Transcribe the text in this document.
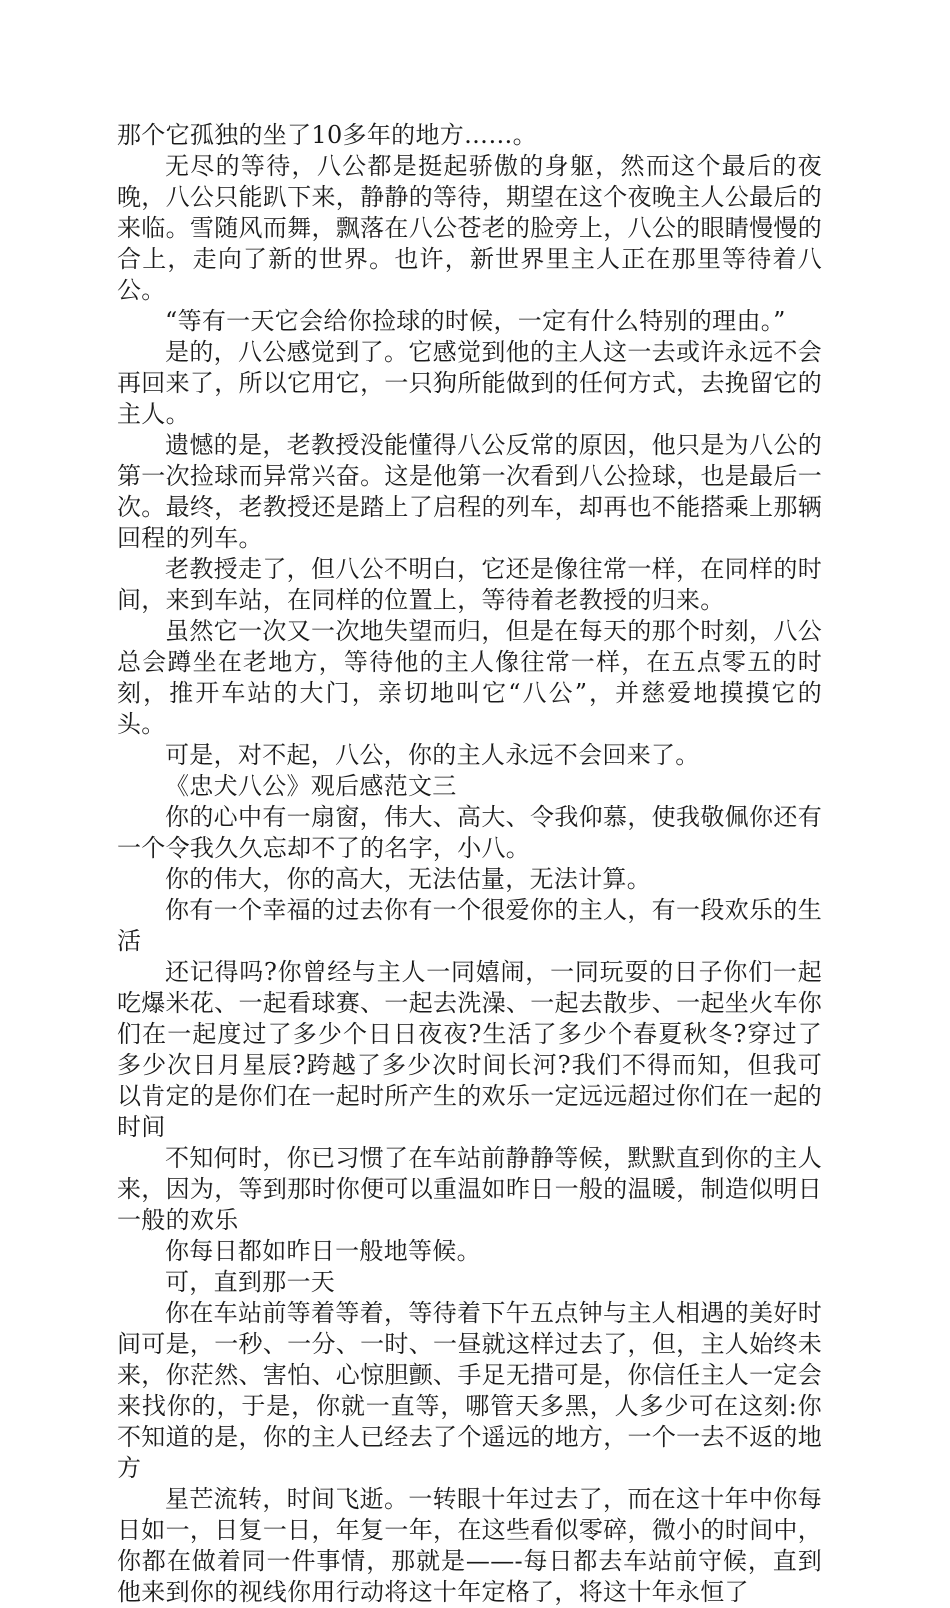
那个它孤独的坐了10多年的地方……。

无尽的等待，八公都是挺起骄傲的身躯，然而这个最后的夜晚，八公只能趴下来，静静的等待，期望在这个夜晚主人公最后的来临。雪随风而舞，飘落在八公苍老的脸旁上，八公的眼睛慢慢的合上，走向了新的世界。也许，新世界里主人正在那里等待着八公。

“等有一天它会给你捡球的时候，一定有什么特别的理由。”

是的，八公感觉到了。它感觉到他的主人这一去或许永远不会再回来了，所以它用它，一只狗所能做到的任何方式，去挽留它的主人。

遗憾的是，老教授没能懂得八公反常的原因，他只是为八公的第一次捡球而异常兴奋。这是他第一次看到八公捡球，也是最后一次。最终，老教授还是踏上了启程的列车，却再也不能搭乘上那辆回程的列车。

老教授走了，但八公不明白，它还是像往常一样，在同样的时间，来到车站，在同样的位置上，等待着老教授的归来。

虽然它一次又一次地失望而归，但是在每天的那个时刻，八公总会蹲坐在老地方，等待他的主人像往常一样，在五点零五的时刻，推开车站的大门，亲切地叫它“八公”，并慈爱地摸摸它的头。

可是，对不起，八公，你的主人永远不会回来了。

《忠犬八公》观后感范文三

你的心中有一扇窗，伟大、高大、令我仰慕，使我敬佩你还有一个令我久久忘却不了的名字，小八。

你的伟大，你的高大，无法估量，无法计算。

你有一个幸福的过去你有一个很爱你的主人，有一段欢乐的生活

还记得吗?你曾经与主人一同嬉闹，一同玩耍的日子你们一起吃爆米花、一起看球赛、一起去洗澡、一起去散步、一起坐火车你们在一起度过了多少个日日夜夜?生活了多少个春夏秋冬?穿过了多少次日月星辰?跨越了多少次时间长河?我们不得而知，但我可以肯定的是你们在一起时所产生的欢乐一定远远超过你们在一起的时间

不知何时，你已习惯了在车站前静静等候，默默直到你的主人来，因为，等到那时你便可以重温如昨日一般的温暖，制造似明日一般的欢乐

你每日都如昨日一般地等候。

可，直到那一天

你在车站前等着等着，等待着下午五点钟与主人相遇的美好时间可是，一秒、一分、一时、一昼就这样过去了，但，主人始终未来，你茫然、害怕、心惊胆颤、手足无措可是，你信任主人一定会来找你的，于是，你就一直等，哪管天多黑，人多少可在这刻:你不知道的是，你的主人已经去了个遥远的地方，一个一去不返的地方

星芒流转，时间飞逝。一转眼十年过去了，而在这十年中你每日如一，日复一日，年复一年，在这些看似零碎，微小的时间中，你都在做着同一件事情，那就是——-每日都去车站前守候，直到他来到你的视线你用行动将这十年定格了，将这十年永恒了
